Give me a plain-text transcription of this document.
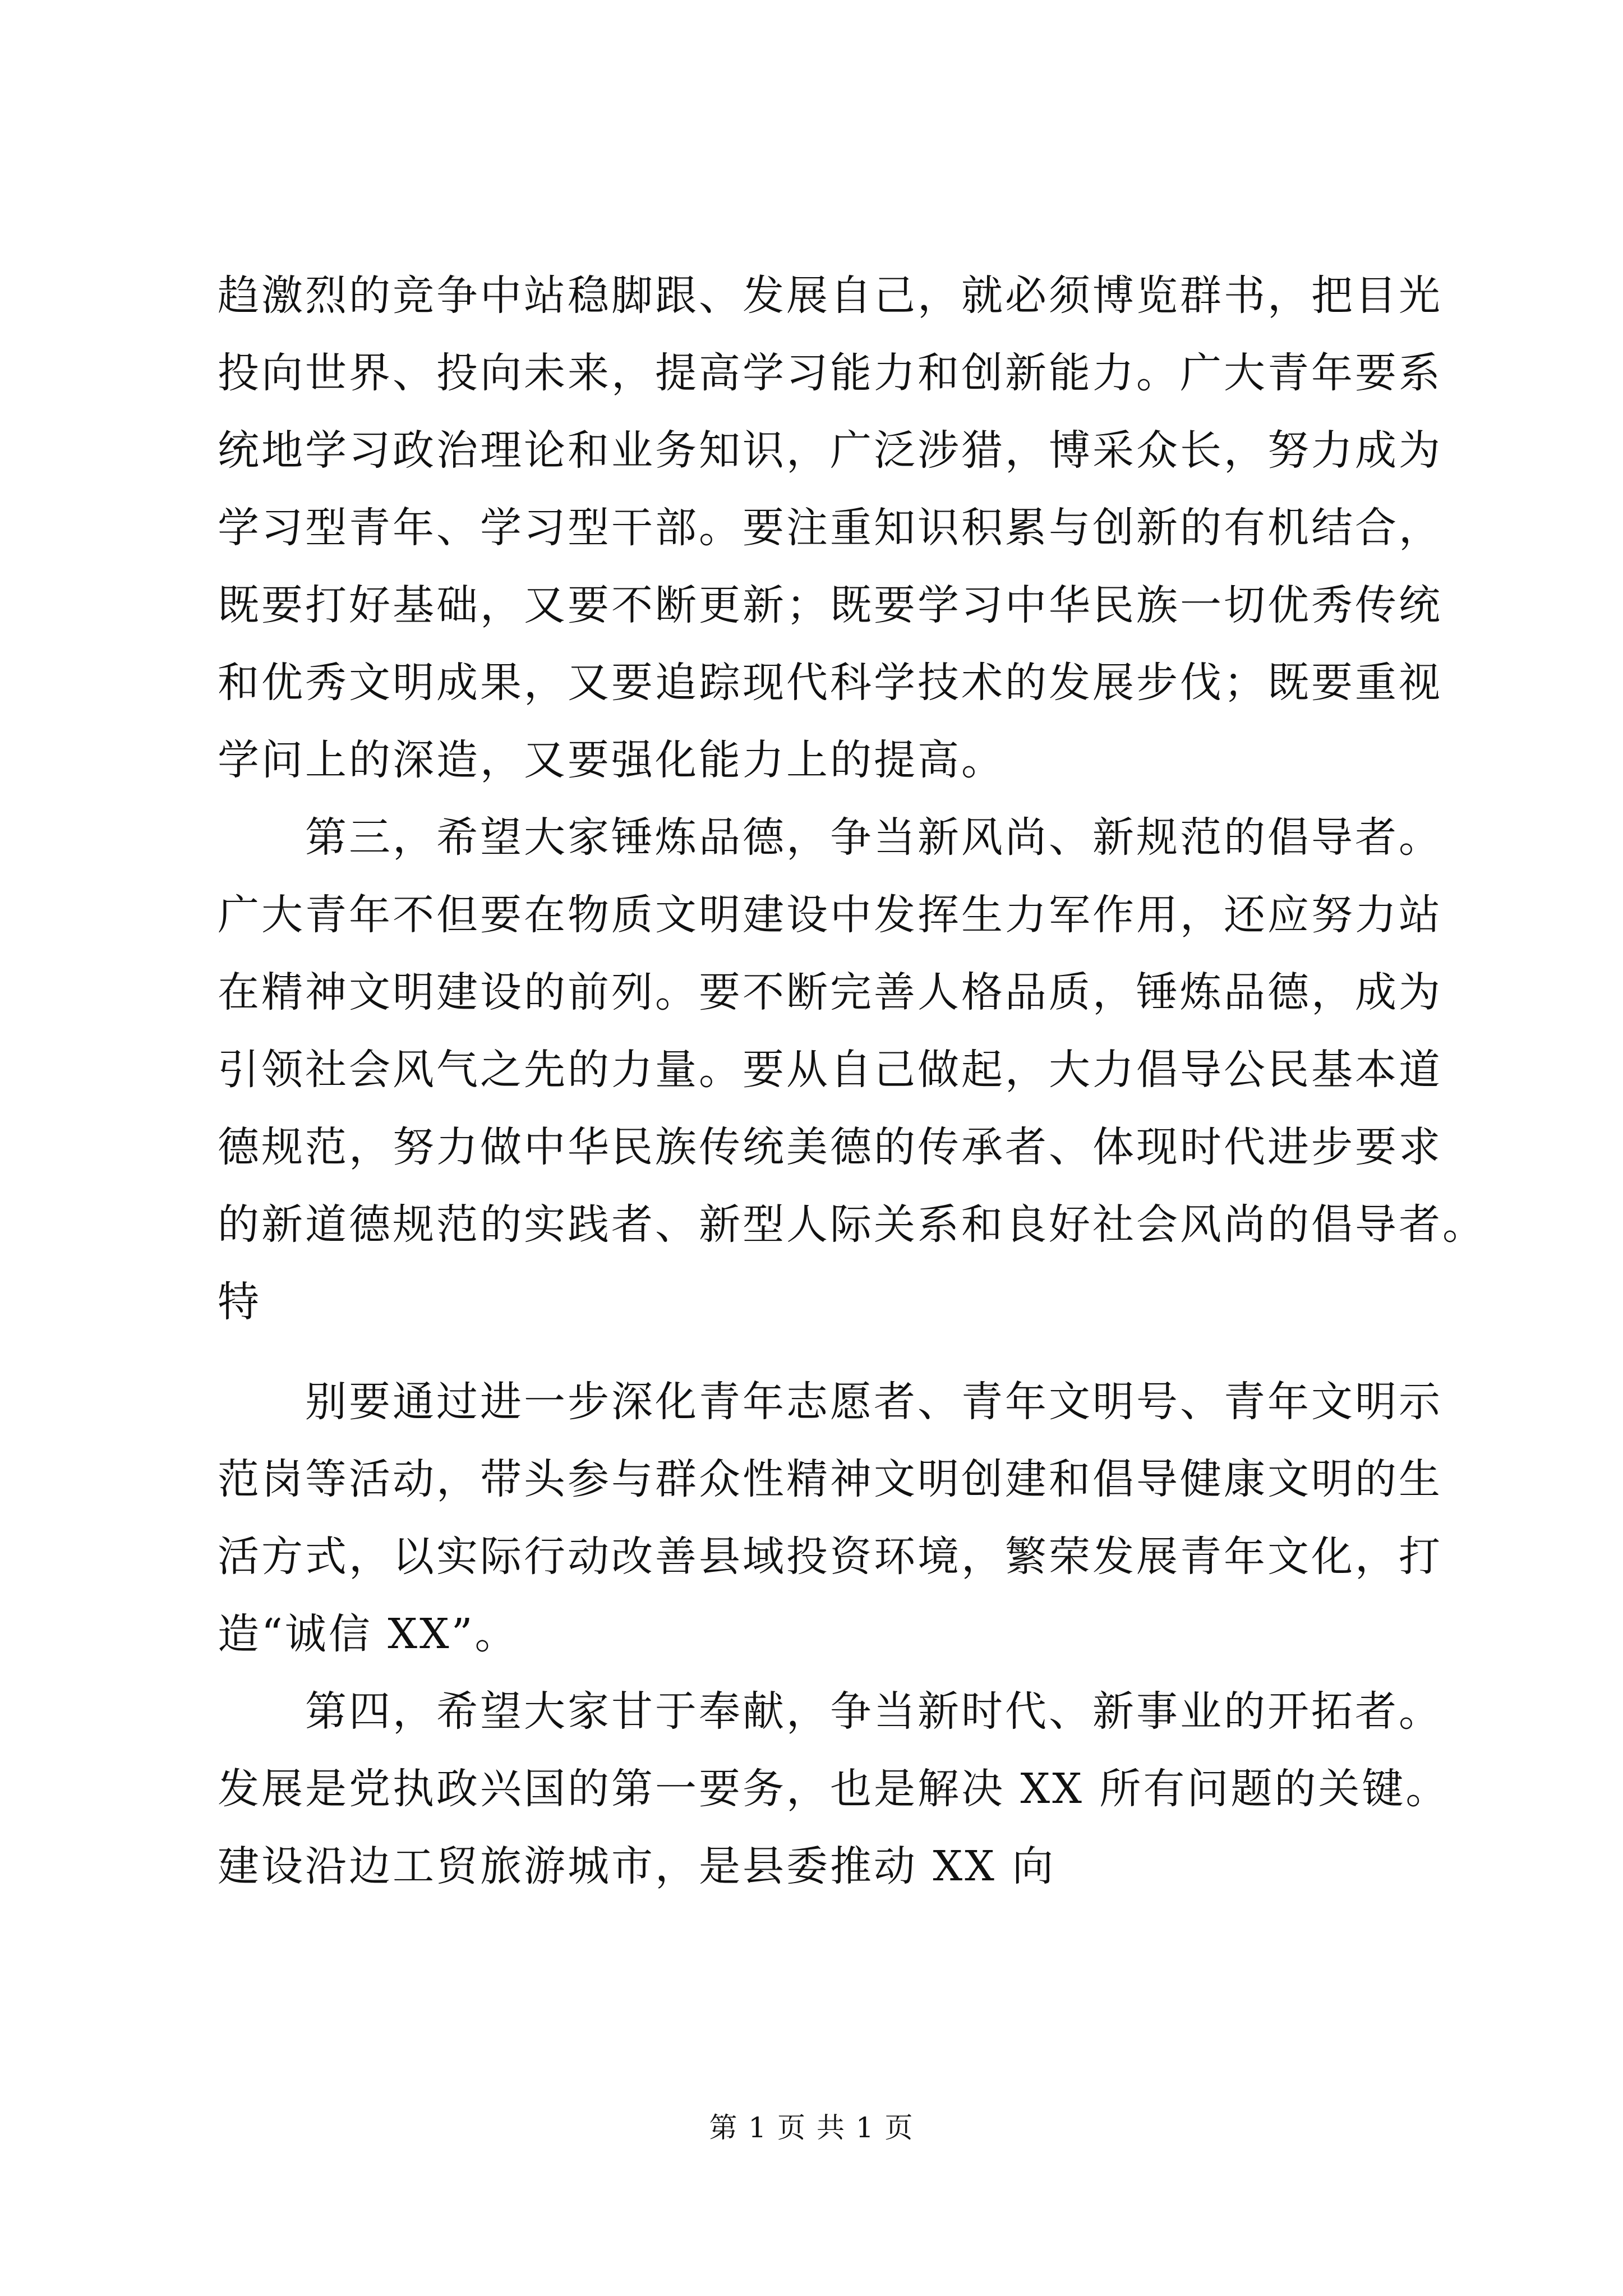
趋激烈的竞争中站稳脚跟、发展自己，就必须博览群书，把目光
投向世界、投向未来，提高学习能力和创新能力。广大青年要系
统地学习政治理论和业务知识，广泛涉猎，博采众长，努力成为
学习型青年、学习型干部。要注重知识积累与创新的有机结合，
既要打好基础，又要不断更新；既要学习中华民族一切优秀传统
和优秀文明成果，又要追踪现代科学技术的发展步伐；既要重视
学问上的深造，又要强化能力上的提高。
　　第三，希望大家锤炼品德，争当新风尚、新规范的倡导者。
广大青年不但要在物质文明建设中发挥生力军作用，还应努力站
在精神文明建设的前列。要不断完善人格品质，锤炼品德，成为
引领社会风气之先的力量。要从自己做起，大力倡导公民基本道
德规范，努力做中华民族传统美德的传承者、体现时代进步要求
的新道德规范的实践者、新型人际关系和良好社会风尚的倡导者。
特
　　别要通过进一步深化青年志愿者、青年文明号、青年文明示
范岗等活动，带头参与群众性精神文明创建和倡导健康文明的生
活方式，以实际行动改善县域投资环境，繁荣发展青年文化，打
造“诚信 XX”。
　　第四，希望大家甘于奉献，争当新时代、新事业的开拓者。
发展是党执政兴国的第一要务，也是解决 XX 所有问题的关键。
建设沿边工贸旅游城市，是县委推动 XX 向
第 1 页 共 1 页
